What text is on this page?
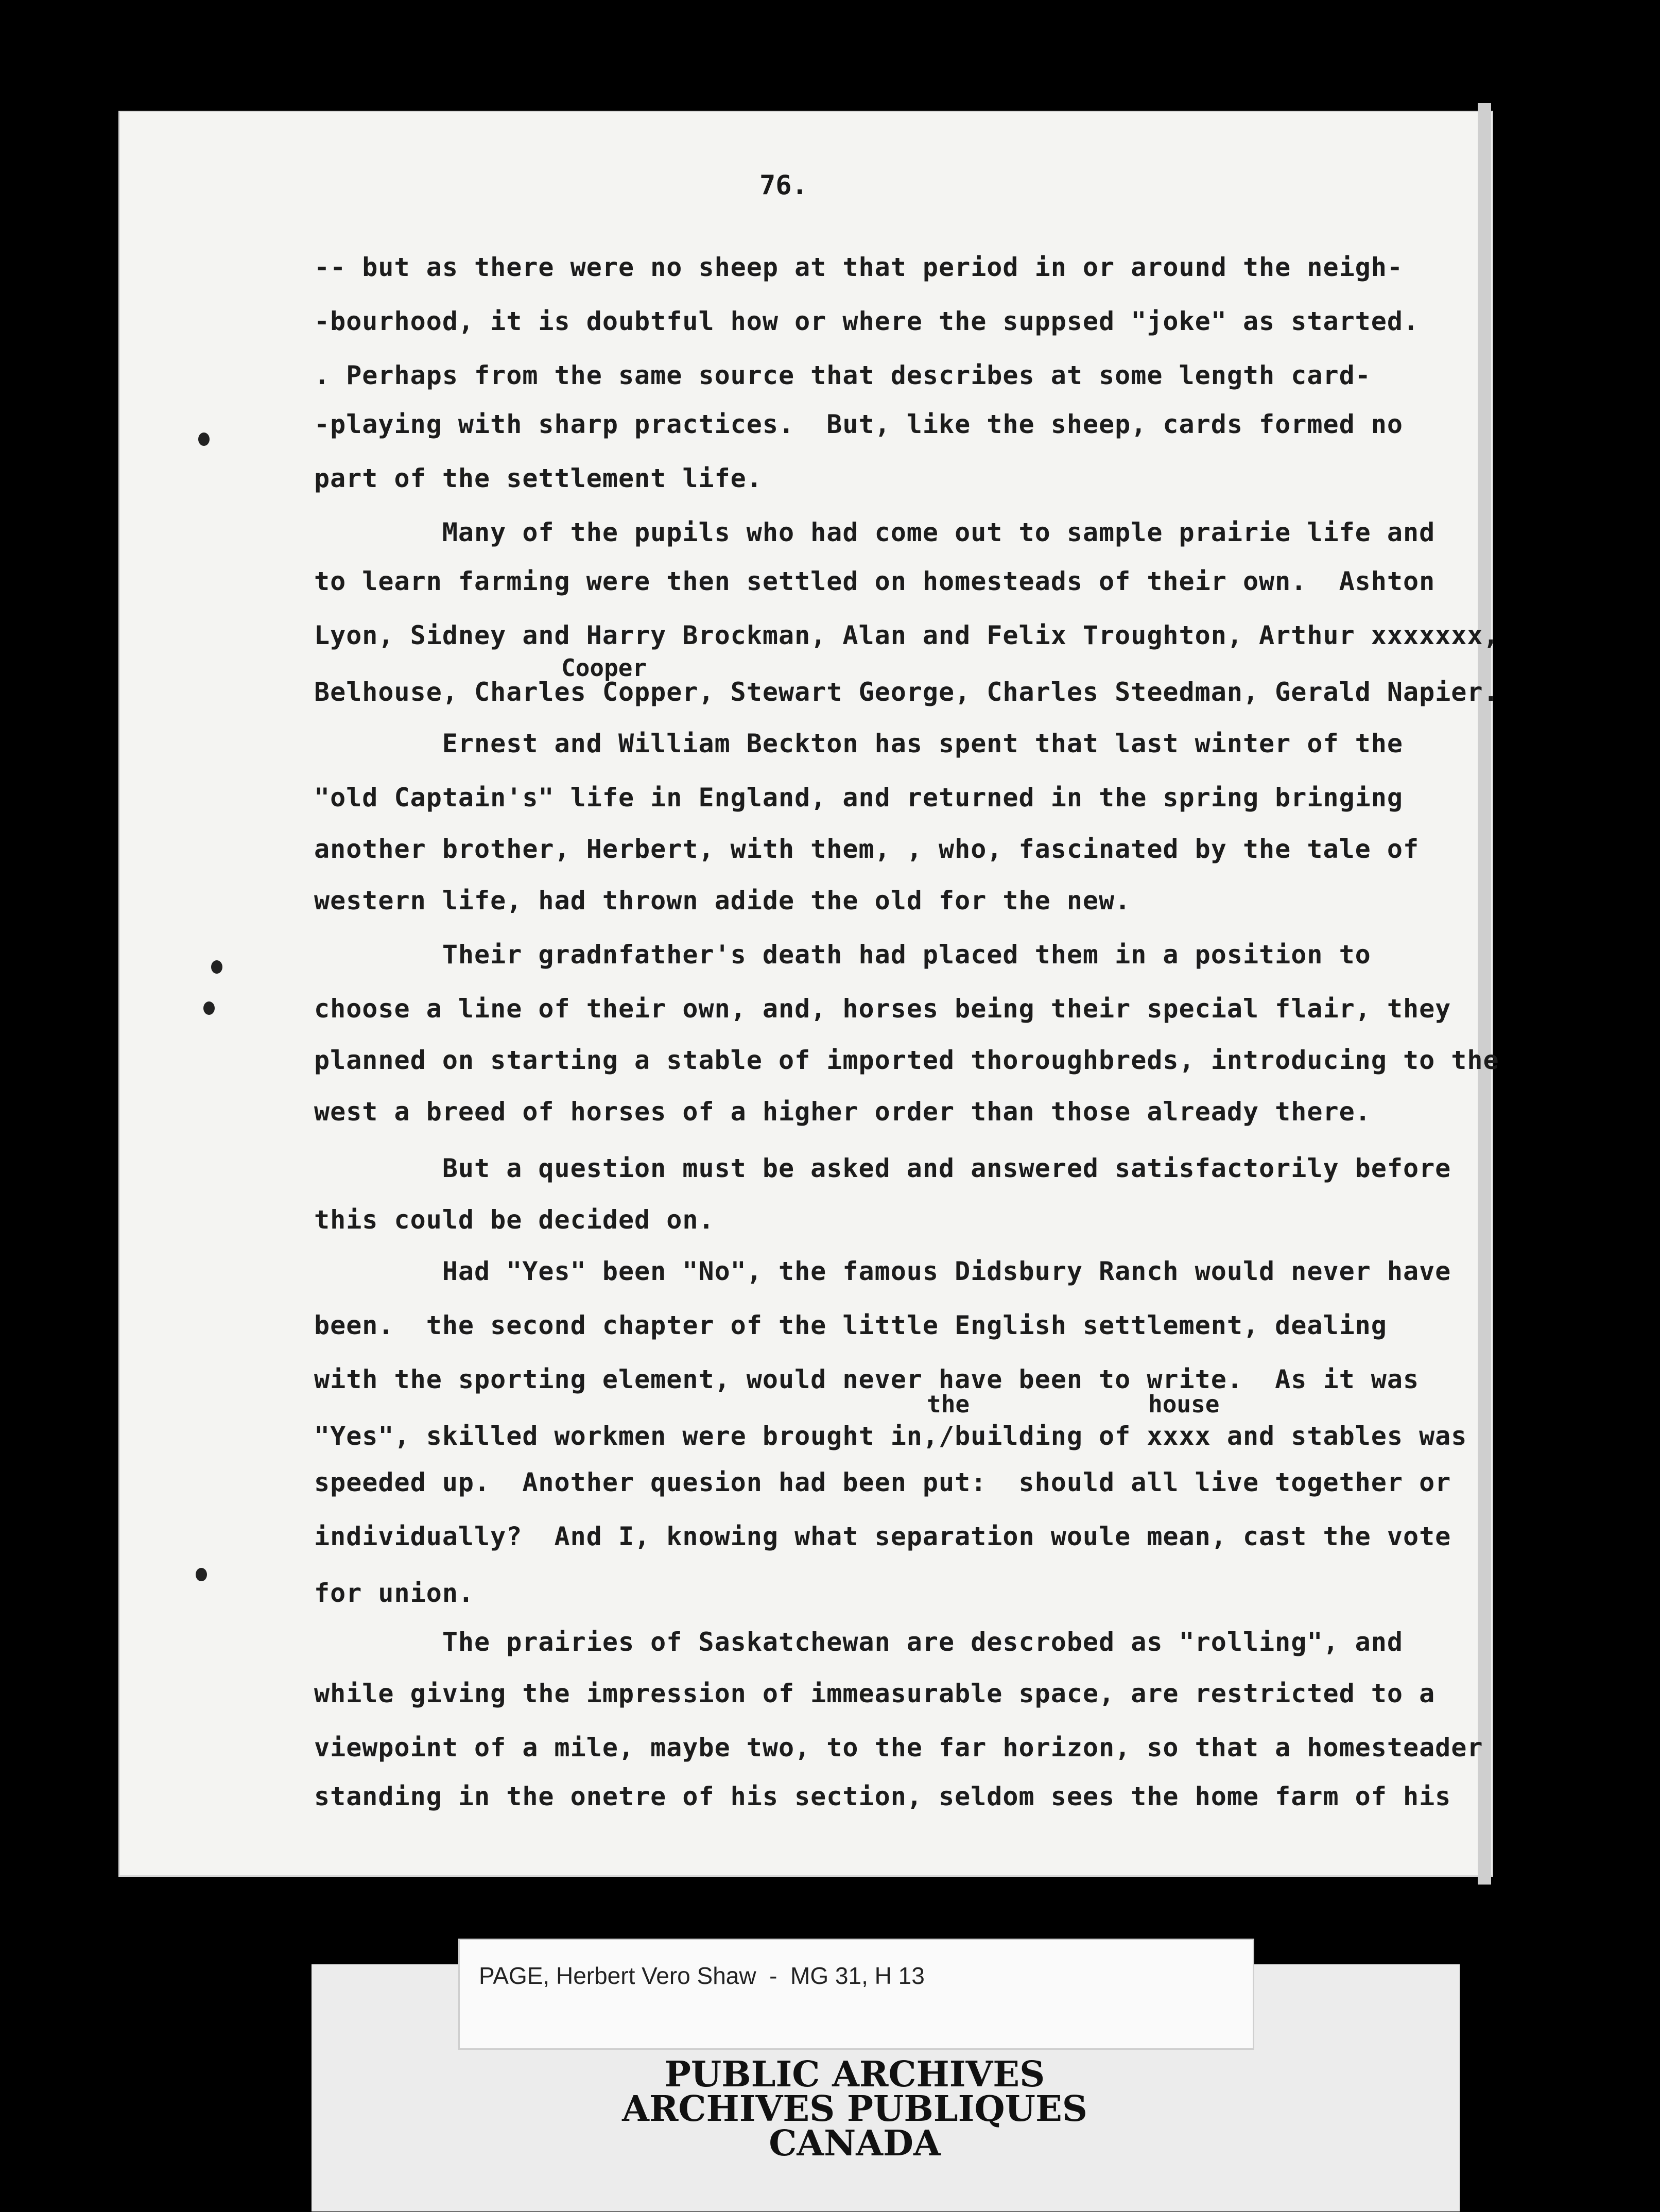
76.
Cooper
the	house
-- but as there were no sheep at that period in or around the neigh-
-bourhood, it is doubtful how or where the suppsed "joke" as started.
. Perhaps from the same source that describes at some length card-
-playing with sharp practices.  But, like the sheep, cards formed no
part of the settlement life.
Many of the pupils who had come out to sample prairie life and
to learn farming were then settled on homesteads of their own.  Ashton
Lyon, Sidney and Harry Brockman, Alan and Felix Troughton, Arthur xxxxxxx,
Belhouse, Charles Copper, Stewart George, Charles Steedman, Gerald Napier.
Ernest and William Beckton has spent that last winter of the
"old Captain's" life in England, and returned in the spring bringing
another brother, Herbert, with them, , who, fascinated by the tale of
western life, had thrown adide the old for the new.
Their gradnfather's death had placed them in a position to
choose a line of their own, and, horses being their special flair, they
planned on starting a stable of imported thoroughbreds, introducing to the
west a breed of horses of a higher order than those already there.
But a question must be asked and answered satisfactorily before
this could be decided on.
Had "Yes" been "No", the famous Didsbury Ranch would never have
been.  the second chapter of the little English settlement, dealing
with the sporting element, would never have been to write.  As it was
"Yes", skilled workmen were brought in,/building of xxxx and stables was
speeded up.  Another quesion had been put:  should all live together or
individually?  And I, knowing what separation woule mean, cast the vote
for union.
The prairies of Saskatchewan are descrobed as "rolling", and
while giving the impression of immeasurable space, are restricted to a
viewpoint of a mile, maybe two, to the far horizon, so that a homesteader
standing in the onetre of his section, seldom sees the home farm of his
PAGE, Herbert Vero Shaw  -  MG 31, H 13
PUBLIC ARCHIVES
ARCHIVES PUBLIQUES
CANADA
